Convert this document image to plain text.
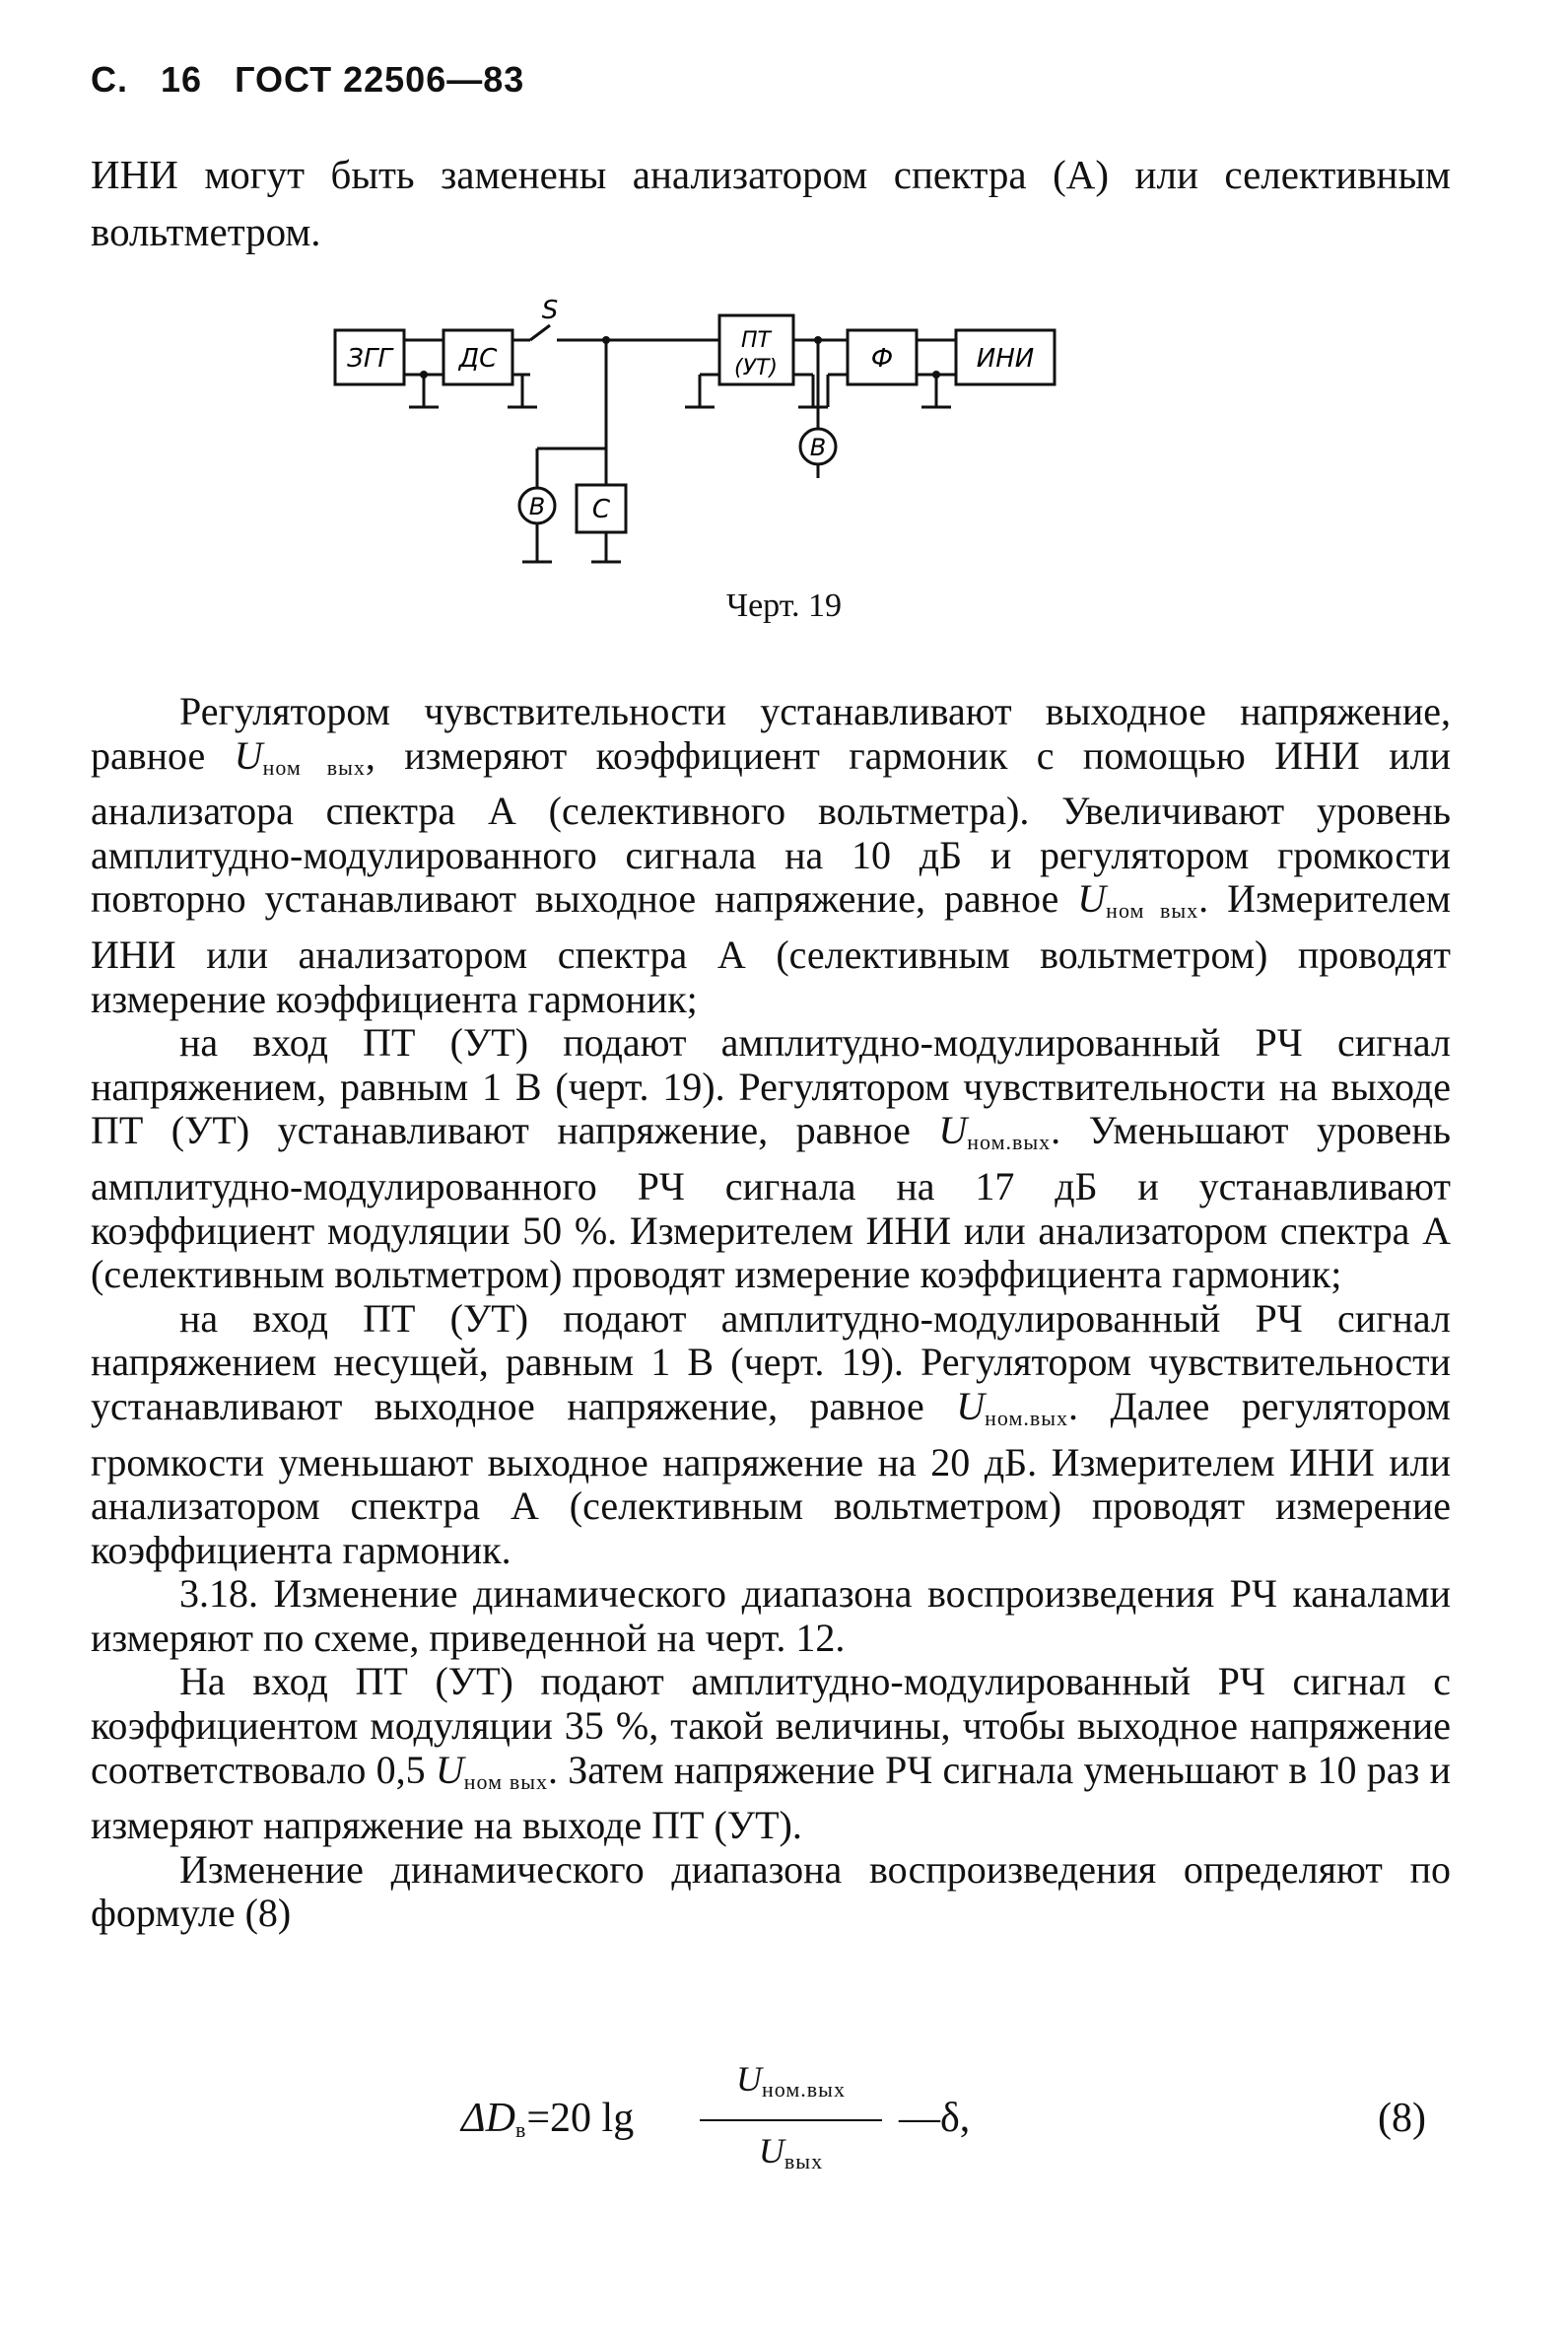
С. 16 ГОСТ 22506—83
ИНИ могут быть заменены анализатором спектра (А) или селективным вольтметром.
ЗГГ	ДС
ПТ
(УТ)	Ф	ИНИ
С
S
В
В
Черт. 19

Регулятором чувствительности устанавливают выходное напряжение, равное $U_{ном вых}$, измеряют коэффициент гармоник с помощью ИНИ или анализатора спектра А (селективного вольтметра). Увеличивают уровень амплитудно-модулированного сигнала на 10 дБ и регулятором громкости повторно устанавливают выходное напряжение, равное $U_{ном вых}$. Измерителем ИНИ или анализатором спектра А (селективным вольтметром) проводят измерение коэффициента гармоник;

на вход ПТ (УТ) подают амплитудно-модулированный РЧ сигнал напряжением, равным 1 В (черт. 19). Регулятором чувствительности на выходе ПТ (УТ) устанавливают напряжение, равное $U_{ном.вых}$. Уменьшают уровень амплитудно-модулированного РЧ сигнала на 17 дБ и устанавливают коэффициент модуляции 50 %. Измерителем ИНИ или анализатором спектра А (селективным вольтметром) проводят измерение коэффициента гармоник;

на вход ПТ (УТ) подают амплитудно-модулированный РЧ сигнал напряжением несущей, равным 1 В (черт. 19). Регулятором чувствительности устанавливают выходное напряжение, равное $U_{ном.вых}$. Далее регулятором громкости уменьшают выходное напряжение на 20 дБ. Измерителем ИНИ или анализатором спектра А (селективным вольтметром) проводят измерение коэффициента гармоник.

3.18. Изменение динамического диапазона воспроизведения РЧ каналами измеряют по схеме, приведенной на черт. 12.

На вход ПТ (УТ) подают амплитудно-модулированный РЧ сигнал с коэффициентом модуляции 35 %, такой величины, чтобы выходное напряжение соответствовало 0,5 $U_{ном вых}$. Затем напряжение РЧ сигнала уменьшают в 10 раз и измеряют напряжение на выходе ПТ (УТ).

Изменение динамического диапазона воспроизведения определяют по формуле (8)

$\Delta D_в=20$ lg
$U_{ном.вых}$
$U_{вых}$
—δ,	(8)
